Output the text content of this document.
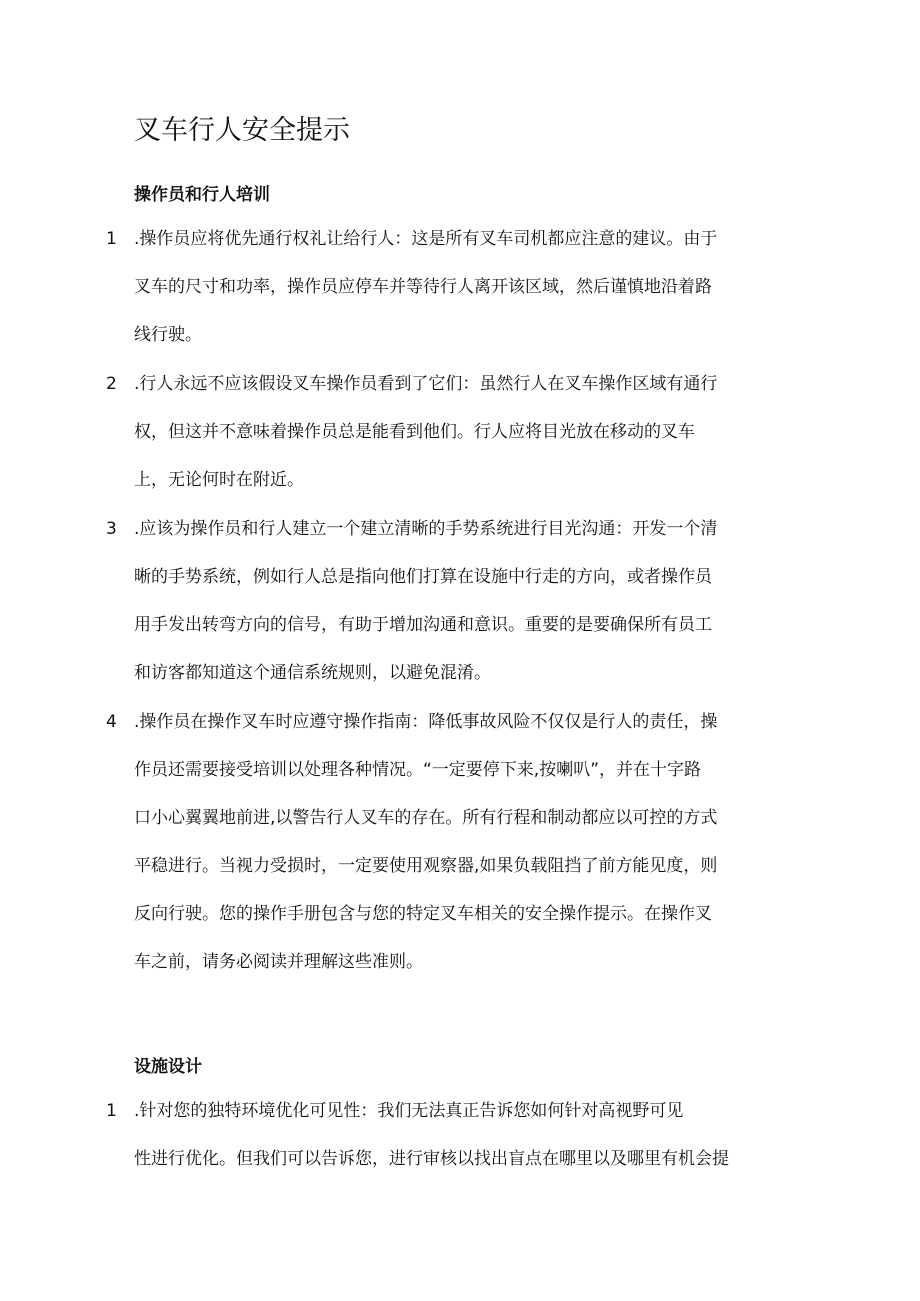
叉车行人安全提示
操作员和行人培训
1	.操作员应将优先通行权礼让给行人：这是所有叉车司机都应注意的建议。由于
叉车的尺寸和功率，操作员应停车并等待行人离开该区域，然后谨慎地沿着路
线行驶。
2	.行人永远不应该假设叉车操作员看到了它们：虽然行人在叉车操作区域有通行
权，但这并不意味着操作员总是能看到他们。行人应将目光放在移动的叉车
上，无论何时在附近。
3	.应该为操作员和行人建立一个建立清晰的手势系统进行目光沟通：开发一个清
晰的手势系统，例如行人总是指向他们打算在设施中行走的方向，或者操作员
用手发出转弯方向的信号，有助于增加沟通和意识。重要的是要确保所有员工
和访客都知道这个通信系统规则，以避免混淆。
4	.操作员在操作叉车时应遵守操作指南：降低事故风险不仅仅是行人的责任，操
作员还需要接受培训以处理各种情况。“一定要停下来,按喇叭”，并在十字路
口小心翼翼地前进,以警告行人叉车的存在。所有行程和制动都应以可控的方式
平稳进行。当视力受损时，一定要使用观察器,如果负载阻挡了前方能见度，则
反向行驶。您的操作手册包含与您的特定叉车相关的安全操作提示。在操作叉
车之前，请务必阅读并理解这些准则。
设施设计
1	.针对您的独特环境优化可见性：我们无法真正告诉您如何针对高视野可见
性进行优化。但我们可以告诉您，进行审核以找出盲点在哪里以及哪里有机会提
